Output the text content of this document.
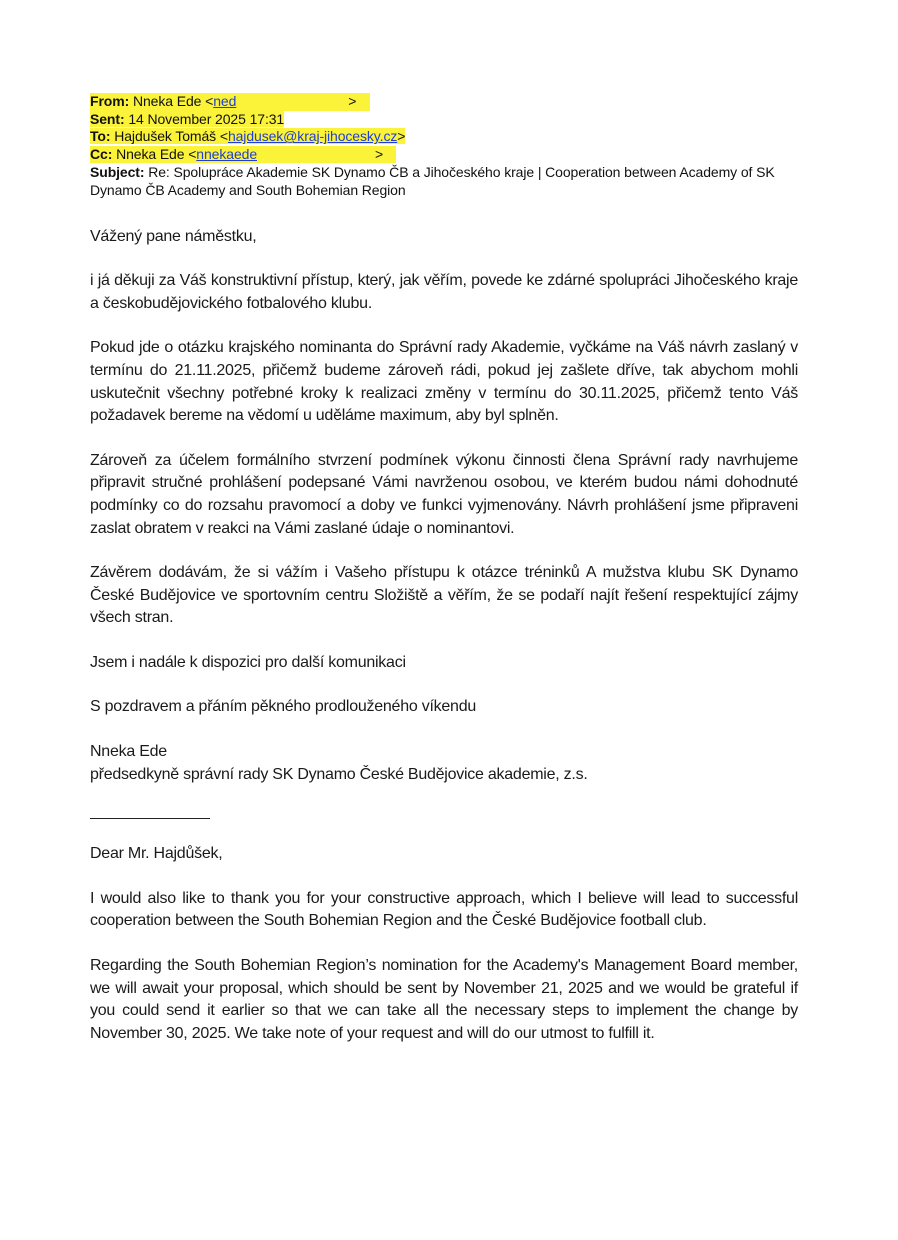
From: Nneka Ede <ned	>
Sent: 14 November 2025 17:31
To: Hajdušek Tomáš <hajdusek@kraj-jihocesky.cz>
Cc: Nneka Ede <nnekaede	>
Subject: Re: Spolupráce Akademie SK Dynamo ČB a Jihočeského kraje | Cooperation between Academy of SK Dynamo ČB Academy and South Bohemian Region

Vážený pane náměstku,

i já děkuji za Váš konstruktivní přístup, který, jak věřím, povede ke zdárné spolupráci Jihočeského kraje a českobudějovického fotbalového klubu.

Pokud jde o otázku krajského nominanta do Správní rady Akademie, vyčkáme na Váš návrh zaslaný v termínu do 21.11.2025, přičemž budeme zároveň rádi, pokud jej zašlete dříve, tak abychom mohli uskutečnit všechny potřebné kroky k realizaci změny v termínu do 30.11.2025, přičemž tento Váš požadavek bereme na vědomí u uděláme maximum, aby byl splněn.

Zároveň za účelem formálního stvrzení podmínek výkonu činnosti člena Správní rady navrhujeme připravit stručné prohlášení podepsané Vámi navrženou osobou, ve kterém budou námi dohodnuté podmínky co do rozsahu pravomocí a doby ve funkci vyjmenovány. Návrh prohlášení jsme připraveni zaslat obratem v reakci na Vámi zaslané údaje o nominantovi.

Závěrem dodávám, že si vážím i Vašeho přístupu k otázce tréninků A mužstva klubu SK Dynamo České Budějovice ve sportovním centru Složiště a věřím, že se podaří najít řešení respektující zájmy všech stran.

Jsem i nadále k dispozici pro další komunikaci

S pozdravem a přáním pěkného prodlouženého víkendu

Nneka Ede
předsedkyně správní rady SK Dynamo České Budějovice akademie, z.s.

Dear Mr. Hajdůšek,

I would also like to thank you for your constructive approach, which I believe will lead to successful cooperation between the South Bohemian Region and the České Budějovice football club.

Regarding the South Bohemian Region’s nomination for the Academy's Management Board member, we will await your proposal, which should be sent by November 21, 2025 and we would be grateful if you could send it earlier so that we can take all the necessary steps to implement the change by November 30, 2025. We take note of your request and will do our utmost to fulfill it.
